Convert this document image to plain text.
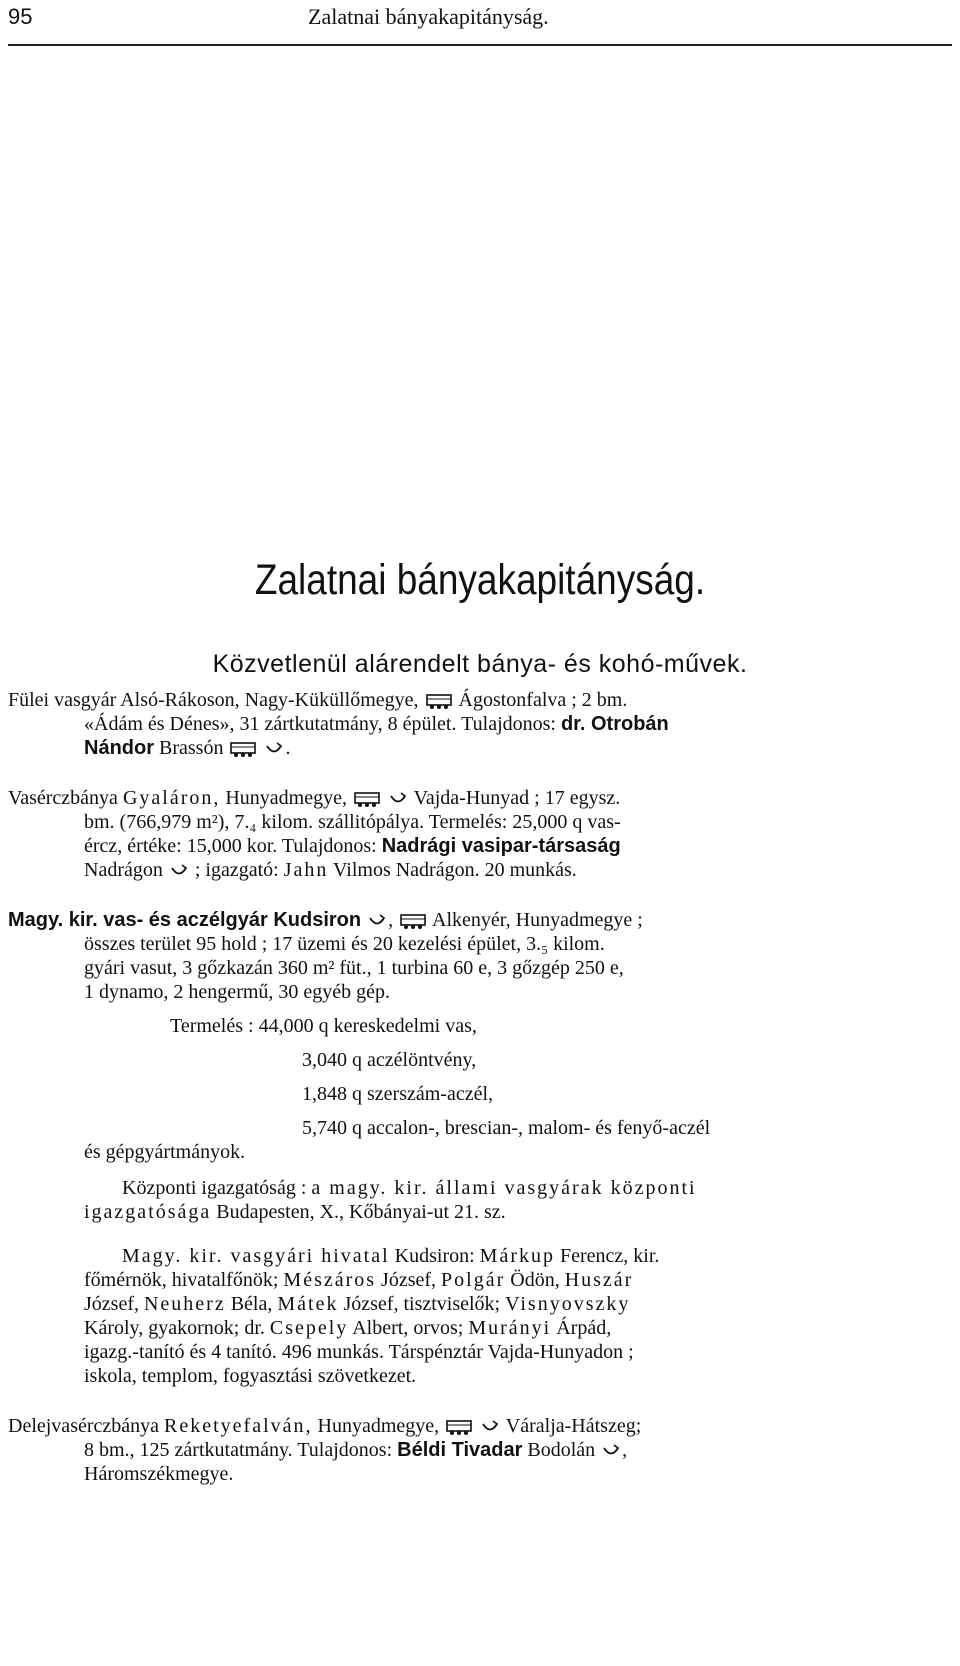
95	Zalatnai bányakapitányság.
Zalatnai bányakapitányság.
Közvetlenül alárendelt bánya- és kohó-művek.
Fülei vasgyár Alsó-Rákoson, Nagy-Küküllőmegye, Ágostonfalva ; 2 bm.
«Ádám és Dénes», 31 zártkutatmány, 8 épület. Tulajdonos: dr. Otrobán
Nándor Brassón	.
Vasérczbánya Gyaláron, Hunyadmegye,	Vajda-Hunyad ; 17 egysz.
bm. (766,979 m²), 7.₄ kilom. szállitópálya. Termelés: 25,000 q vas-
ércz, értéke: 15,000 kor. Tulajdonos: Nadrági vasipar-társaság
Nadrágon ; igazgató: Jahn Vilmos Nadrágon. 20 munkás.
Magy. kir. vas- és aczélgyár Kudsiron , Alkenyér, Hunyadmegye ;
összes terület 95 hold ; 17 üzemi és 20 kezelési épület, 3.₅ kilom.
gyári vasut, 3 gőzkazán 360 m² füt., 1 turbina 60 e, 3 gőzgép 250 e,
1 dynamo, 2 hengermű, 30 egyéb gép.
Termelés : 44,000 q kereskedelmi vas,
3,040 q aczélöntvény,
1,848 q szerszám-aczél,
5,740 q accalon-, brescian-, malom- és fenyő-aczél
és gépgyártmányok.
Központi igazgatóság : a magy. kir. állami vasgyárak központi
igazgatósága Budapesten, X., Kőbányai-ut 21. sz.
Magy. kir. vasgyári hivatal Kudsiron: Márkup Ferencz, kir.
főmérnök, hivatalfőnök; Mészáros József, Polgár Ödön, Huszár
József, Neuherz Béla, Mátek József, tisztviselők; Visnyovszky
Károly, gyakornok; dr. Csepely Albert, orvos; Murányi Árpád,
igazg.-tanító és 4 tanító. 496 munkás. Társpénztár Vajda-Hunyadon ;
iskola, templom, fogyasztási szövetkezet.
Delejvasérczbánya Reketyefalván, Hunyadmegye,	Váralja-Hátszeg;
8 bm., 125 zártkutatmány. Tulajdonos: Béldi Tivadar Bodolán ,
Háromszékmegye.
